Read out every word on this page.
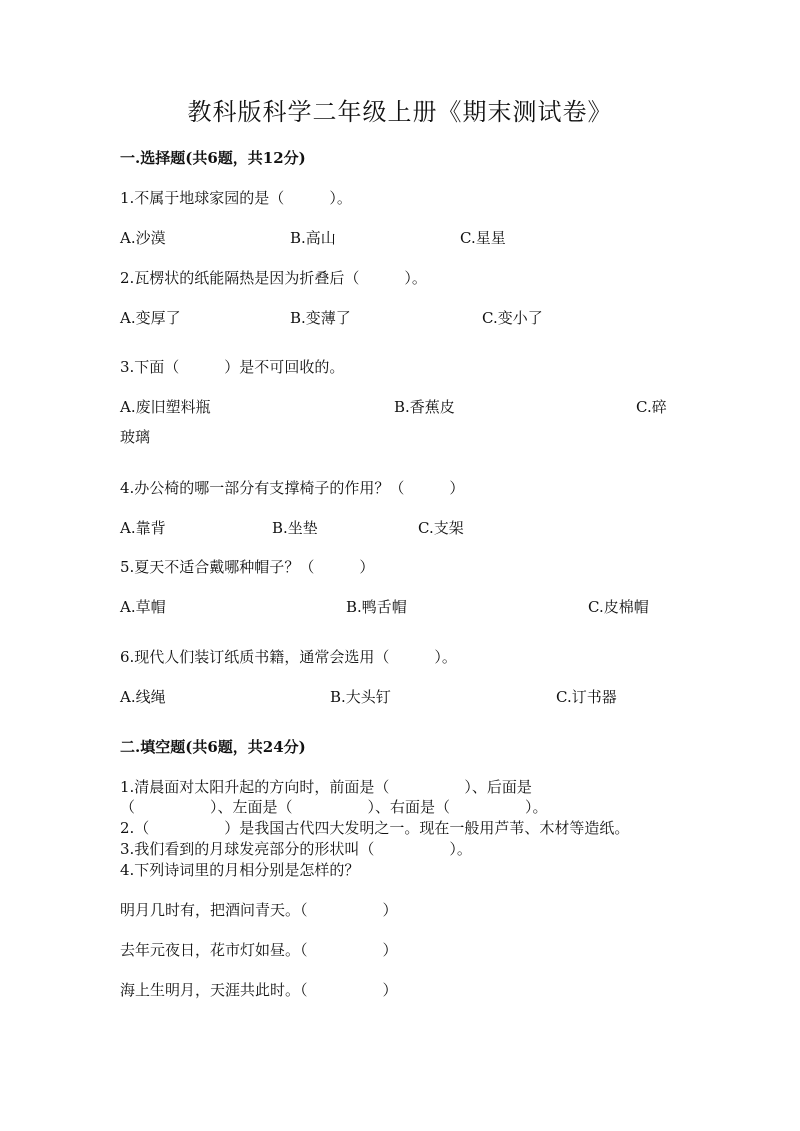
教科版科学二年级上册《期末测试卷》
一.选择题(共6题，共12分)
1.不属于地球家园的是（　　　）。
A.沙漠	B.高山	C.星星
2.瓦楞状的纸能隔热是因为折叠后（　　　）。
A.变厚了	B.变薄了	C.变小了
3.下面（　　　）是不可回收的。
A.废旧塑料瓶	B.香蕉皮	C.碎
玻璃
4.办公椅的哪一部分有支撑椅子的作用？（　　　）
A.靠背	B.坐垫	C.支架
5.夏天不适合戴哪种帽子？（　　　）
A.草帽	B.鸭舌帽	C.皮棉帽
6.现代人们装订纸质书籍，通常会选用（　　　）。
A.线绳	B.大头钉	C.订书器
二.填空题(共6题，共24分)
1.清晨面对太阳升起的方向时，前面是（　　　　　）、后面是
（　　　　　）、左面是（　　　　　）、右面是（　　　　　）。
2.（　　　　　）是我国古代四大发明之一。现在一般用芦苇、木材等造纸。
3.我们看到的月球发亮部分的形状叫（　　　　　）。
4.下列诗词里的月相分别是怎样的？
明月几时有，把酒问青天。（　　　　　）
去年元夜日，花市灯如昼。（　　　　　）
海上生明月，天涯共此时。（　　　　　）
